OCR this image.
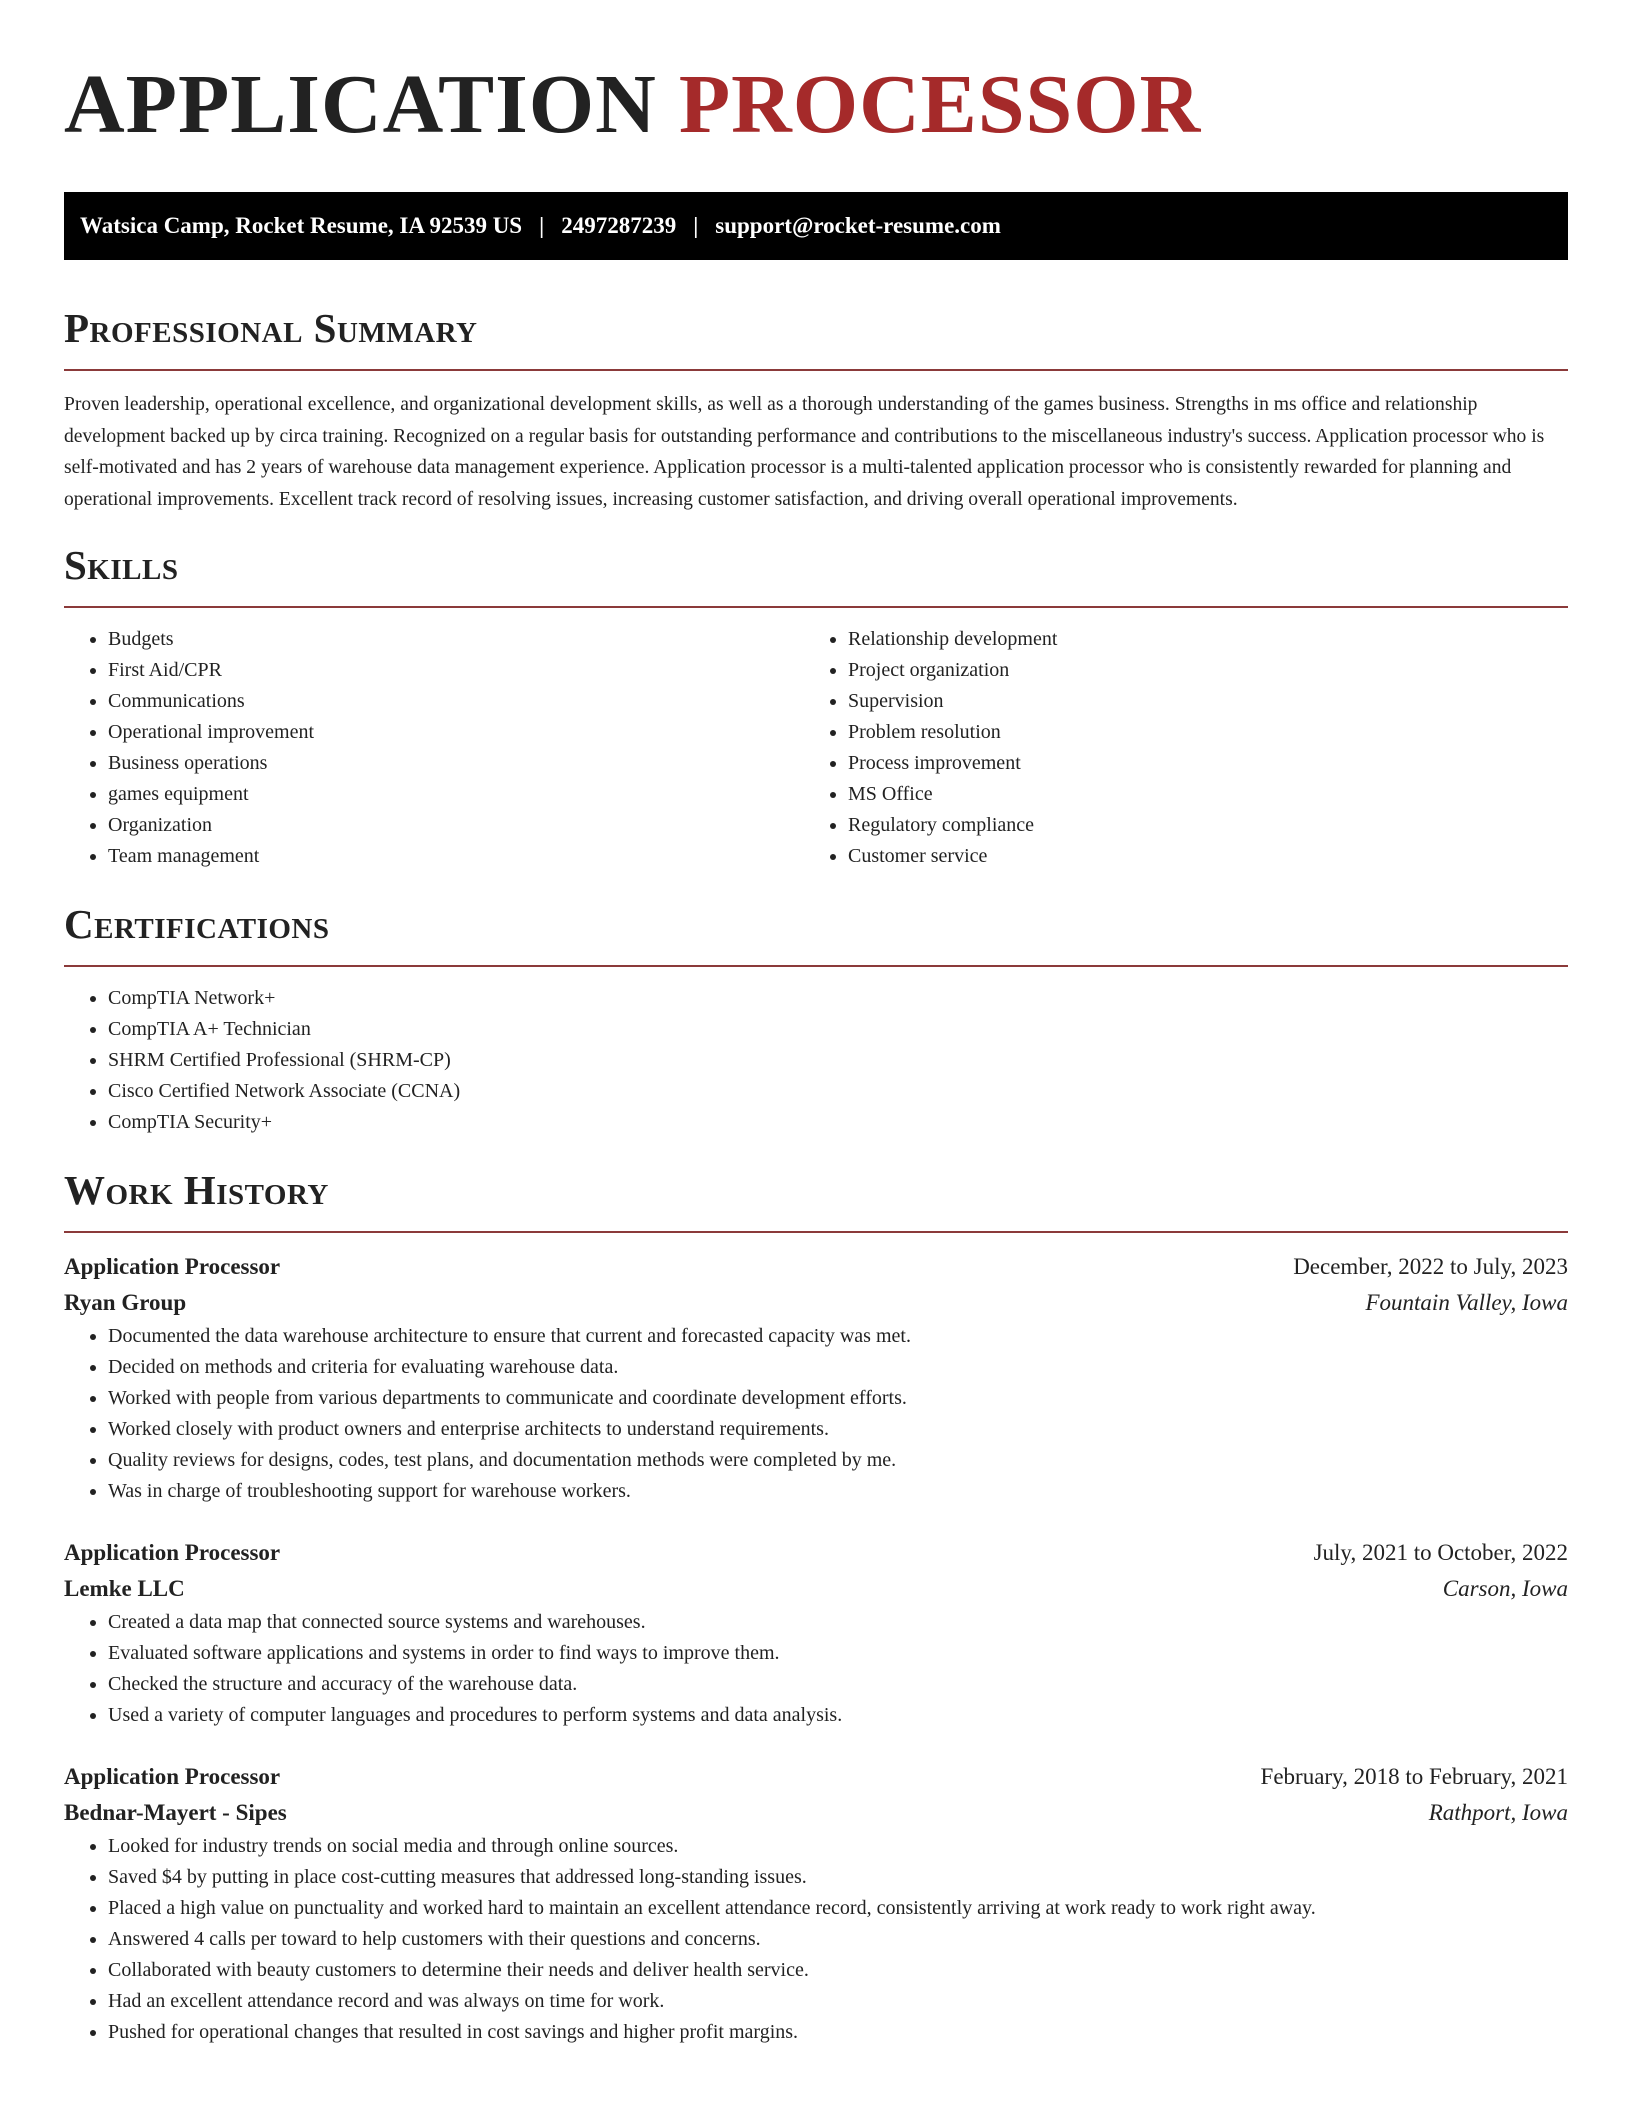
APPLICATION PROCESSOR
Watsica Camp, Rocket Resume, IA 92539 US | 2497287239 | support@rocket-resume.com
Professional Summary

Proven leadership, operational excellence, and organizational development skills, as well as a thorough understanding of the games business. Strengths in ms office and relationship development backed up by circa training. Recognized on a regular basis for outstanding performance and contributions to the miscellaneous industry's success. Application processor who is self-motivated and has 2 years of warehouse data management experience. Application processor is a multi-talented application processor who is consistently rewarded for planning and operational improvements. Excellent track record of resolving issues, increasing customer satisfaction, and driving overall operational improvements.

Skills
• Budgets
• First Aid/CPR
• Communications
• Operational improvement
• Business operations
• games equipment
• Organization
• Team management
• Relationship development
• Project organization
• Supervision
• Problem resolution
• Process improvement
• MS Office
• Regulatory compliance
• Customer service
Certifications
• CompTIA Network+
• CompTIA A+ Technician
• SHRM Certified Professional (SHRM-CP)
• Cisco Certified Network Associate (CCNA)
• CompTIA Security+
Work History
Application Processor	December, 2022 to July, 2023
Ryan Group	Fountain Valley, Iowa
• Documented the data warehouse architecture to ensure that current and forecasted capacity was met.
• Decided on methods and criteria for evaluating warehouse data.
• Worked with people from various departments to communicate and coordinate development efforts.
• Worked closely with product owners and enterprise architects to understand requirements.
• Quality reviews for designs, codes, test plans, and documentation methods were completed by me.
• Was in charge of troubleshooting support for warehouse workers.
Application Processor	July, 2021 to October, 2022
Lemke LLC	Carson, Iowa
• Created a data map that connected source systems and warehouses.
• Evaluated software applications and systems in order to find ways to improve them.
• Checked the structure and accuracy of the warehouse data.
• Used a variety of computer languages and procedures to perform systems and data analysis.
Application Processor	February, 2018 to February, 2021
Bednar-Mayert - Sipes	Rathport, Iowa
• Looked for industry trends on social media and through online sources.
• Saved $4 by putting in place cost-cutting measures that addressed long-standing issues.
• Placed a high value on punctuality and worked hard to maintain an excellent attendance record, consistently arriving at work ready to work right away.
• Answered 4 calls per toward to help customers with their questions and concerns.
• Collaborated with beauty customers to determine their needs and deliver health service.
• Had an excellent attendance record and was always on time for work.
• Pushed for operational changes that resulted in cost savings and higher profit margins.
